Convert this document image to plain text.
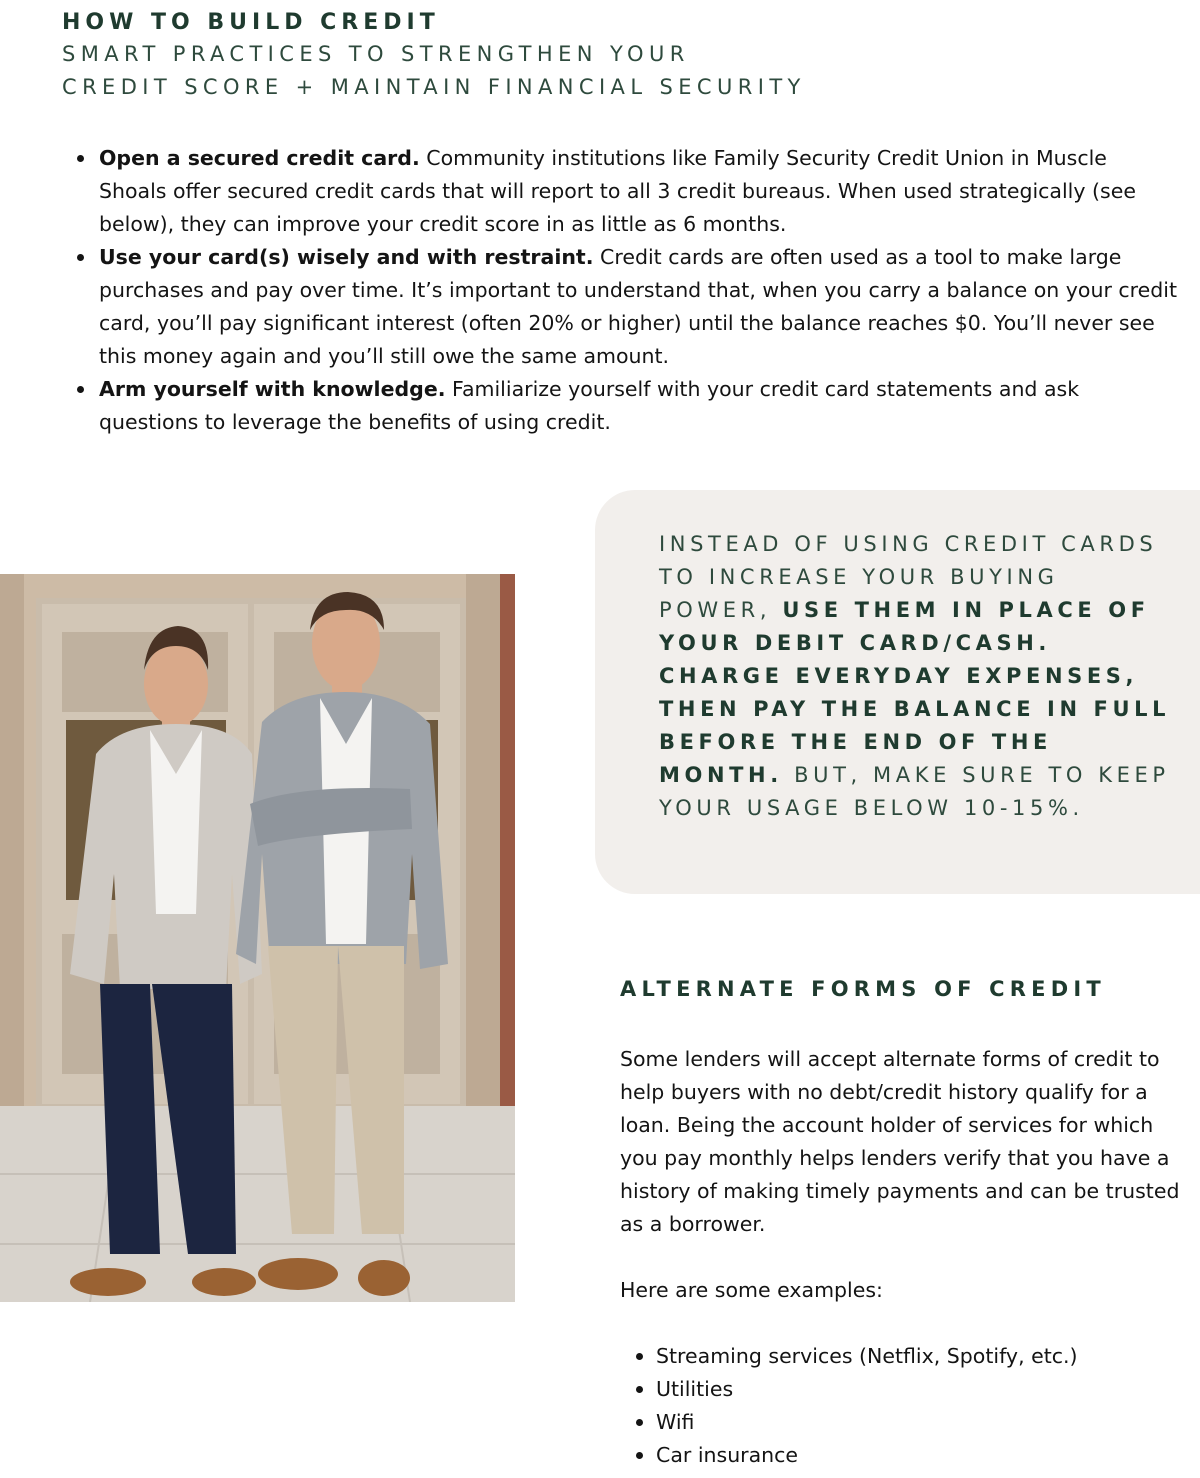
HOW TO BUILD CREDIT
SMART PRACTICES TO STRENGTHEN YOUR
CREDIT SCORE + MAINTAIN FINANCIAL SECURITY
Open a secured credit card. Community institutions like Family Security Credit Union in Muscle Shoals offer secured credit cards that will report to all 3 credit bureaus. When used strategically (see below), they can improve your credit score in as little as 6 months.
Use your card(s) wisely and with restraint. Credit cards are often used as a tool to make large purchases and pay over time. It’s important to understand that, when you carry a balance on your credit card, you’ll pay significant interest (often 20% or higher) until the balance reaches $0. You’ll never see this money again and you’ll still owe the same amount.
Arm yourself with knowledge. Familiarize yourself with your credit card statements and ask questions to leverage the benefits of using credit.
INSTEAD OF USING CREDIT CARDS TO INCREASE YOUR BUYING POWER, USE THEM IN PLACE OF YOUR DEBIT CARD/CASH. CHARGE EVERYDAY EXPENSES, THEN PAY THE BALANCE IN FULL BEFORE THE END OF THE MONTH. BUT, MAKE SURE TO KEEP YOUR USAGE BELOW 10-15%.
ALTERNATE FORMS OF CREDIT
Some lenders will accept alternate forms of credit to help buyers with no debt/credit history qualify for a loan. Being the account holder of services for which you pay monthly helps lenders verify that you have a history of making timely payments and can be trusted as a borrower.
Here are some examples:
Streaming services (Netflix, Spotify, etc.)
Utilities
Wifi
Car insurance
